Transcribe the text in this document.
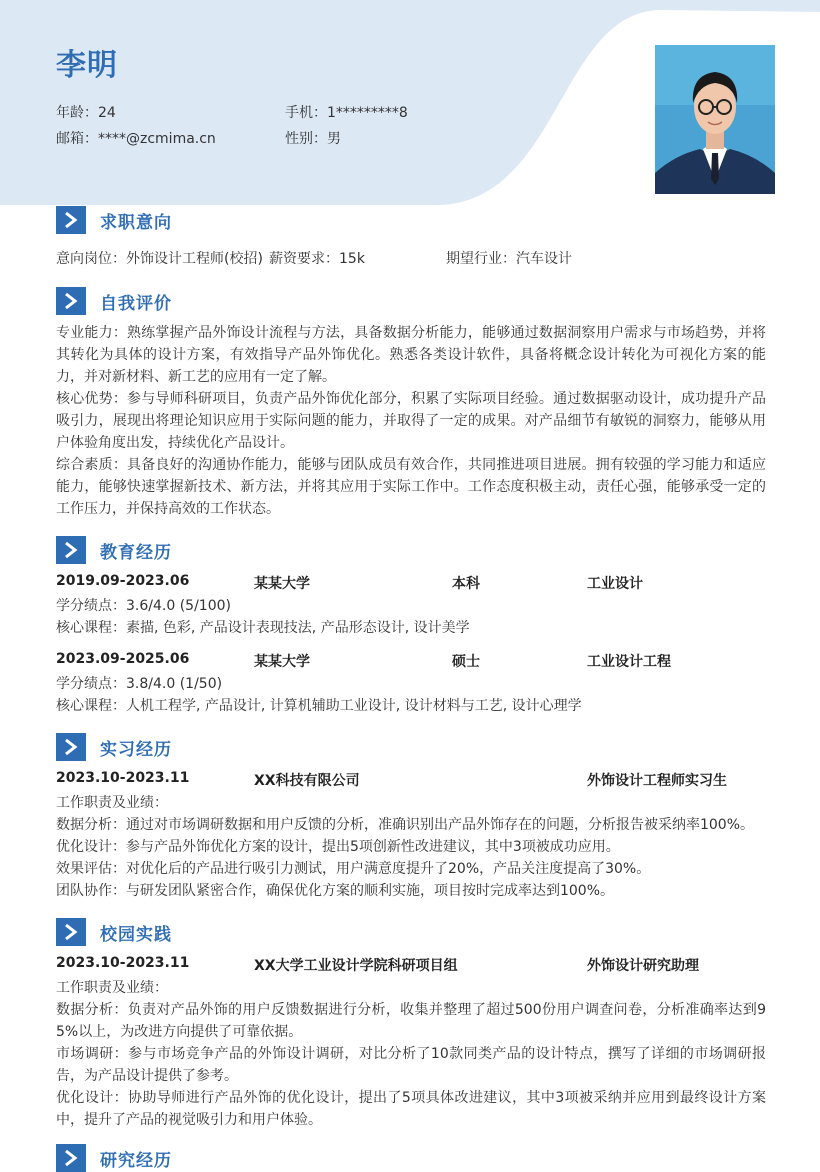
李明
年龄：24	手机：1*********8
邮箱：****@zcmima.cn	性别：男
求职意向
意向岗位：外饰设计工程师(校招) 薪资要求：15k	期望行业：汽车设计
自我评价
专业能力：熟练掌握产品外饰设计流程与方法，具备数据分析能力，能够通过数据洞察用户需求与市场趋势，并将其转化为具体的设计方案，有效指导产品外饰优化。熟悉各类设计软件，具备将概念设计转化为可视化方案的能力，并对新材料、新工艺的应用有一定了解。
核心优势：参与导师科研项目，负责产品外饰优化部分，积累了实际项目经验。通过数据驱动设计，成功提升产品吸引力，展现出将理论知识应用于实际问题的能力，并取得了一定的成果。对产品细节有敏锐的洞察力，能够从用户体验角度出发，持续优化产品设计。
综合素质：具备良好的沟通协作能力，能够与团队成员有效合作，共同推进项目进展。拥有较强的学习能力和适应能力，能够快速掌握新技术、新方法，并将其应用于实际工作中。工作态度积极主动，责任心强，能够承受一定的工作压力，并保持高效的工作状态。
教育经历
2019.09-2023.06	某某大学	本科	工业设计
学分绩点：3.6/4.0 (5/100)
核心课程：素描, 色彩, 产品设计表现技法, 产品形态设计, 设计美学
2023.09-2025.06	某某大学	硕士	工业设计工程
学分绩点：3.8/4.0 (1/50)
核心课程：人机工程学, 产品设计, 计算机辅助工业设计, 设计材料与工艺, 设计心理学
实习经历
2023.10-2023.11	XX科技有限公司	外饰设计工程师实习生
工作职责及业绩：
数据分析：通过对市场调研数据和用户反馈的分析，准确识别出产品外饰存在的问题，分析报告被采纳率100%。
优化设计：参与产品外饰优化方案的设计，提出5项创新性改进建议，其中3项被成功应用。
效果评估：对优化后的产品进行吸引力测试，用户满意度提升了20%，产品关注度提高了30%。
团队协作：与研发团队紧密合作，确保优化方案的顺利实施，项目按时完成率达到100%。
校园实践
2023.10-2023.11	XX大学工业设计学院科研项目组	外饰设计研究助理
工作职责及业绩：
数据分析：负责对产品外饰的用户反馈数据进行分析，收集并整理了超过500份用户调查问卷，分析准确率达到95%以上，为改进方向提供了可靠依据。
市场调研：参与市场竞争产品的外饰设计调研，对比分析了10款同类产品的设计特点，撰写了详细的市场调研报告，为产品设计提供了参考。
优化设计：协助导师进行产品外饰的优化设计，提出了5项具体改进建议，其中3项被采纳并应用到最终设计方案中，提升了产品的视觉吸引力和用户体验。
研究经历
